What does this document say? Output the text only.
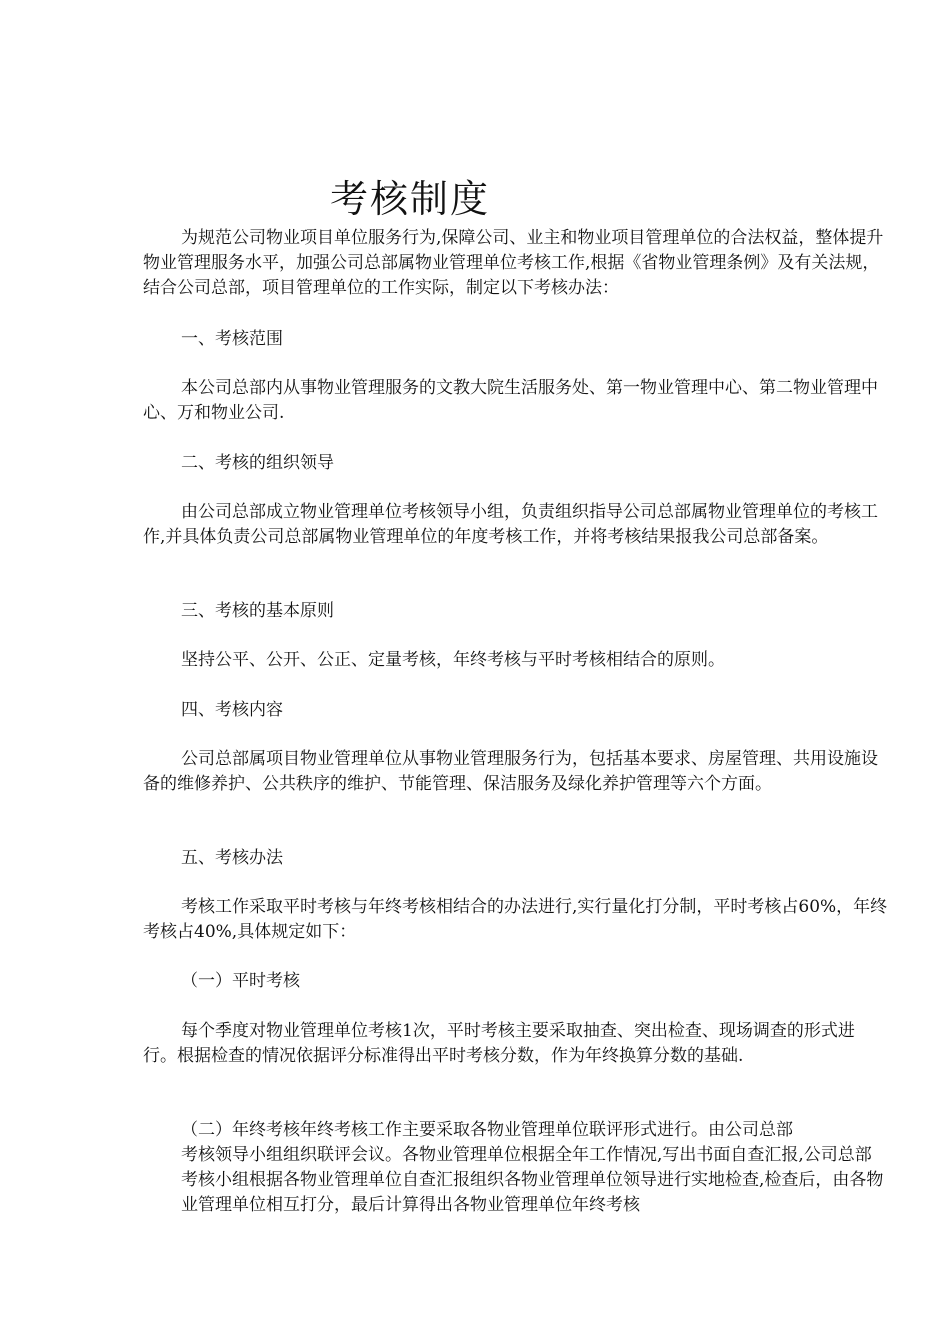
考核制度

为规范公司物业项目单位服务行为,保障公司、业主和物业项目管理单位的合法权益，整体提升物业管理服务水平，加强公司总部属物业管理单位考核工作,根据《省物业管理条例》及有关法规，结合公司总部，项目管理单位的工作实际，制定以下考核办法：

一、考核范围

本公司总部内从事物业管理服务的文教大院生活服务处、第一物业管理中心、第二物业管理中心、万和物业公司.

二、考核的组织领导

由公司总部成立物业管理单位考核领导小组，负责组织指导公司总部属物业管理单位的考核工作,并具体负责公司总部属物业管理单位的年度考核工作，并将考核结果报我公司总部备案。

三、考核的基本原则

坚持公平、公开、公正、定量考核，年终考核与平时考核相结合的原则。

四、考核内容

公司总部属项目物业管理单位从事物业管理服务行为，包括基本要求、房屋管理、共用设施设备的维修养护、公共秩序的维护、节能管理、保洁服务及绿化养护管理等六个方面。

五、考核办法

考核工作采取平时考核与年终考核相结合的办法进行,实行量化打分制，平时考核占60%，年终考核占40%,具体规定如下：

（一）平时考核

每个季度对物业管理单位考核1次，平时考核主要采取抽查、突出检查、现场调查的形式进行。根据检查的情况依据评分标准得出平时考核分数，作为年终换算分数的基础.

（二）年终考核年终考核工作主要采取各物业管理单位联评形式进行。由公司总部

考核领导小组组织联评会议。各物业管理单位根据全年工作情况,写出书面自查汇报,公司总部考核小组根据各物业管理单位自查汇报组织各物业管理单位领导进行实地检查,检查后，由各物业管理单位相互打分，最后计算得出各物业管理单位年终考核
